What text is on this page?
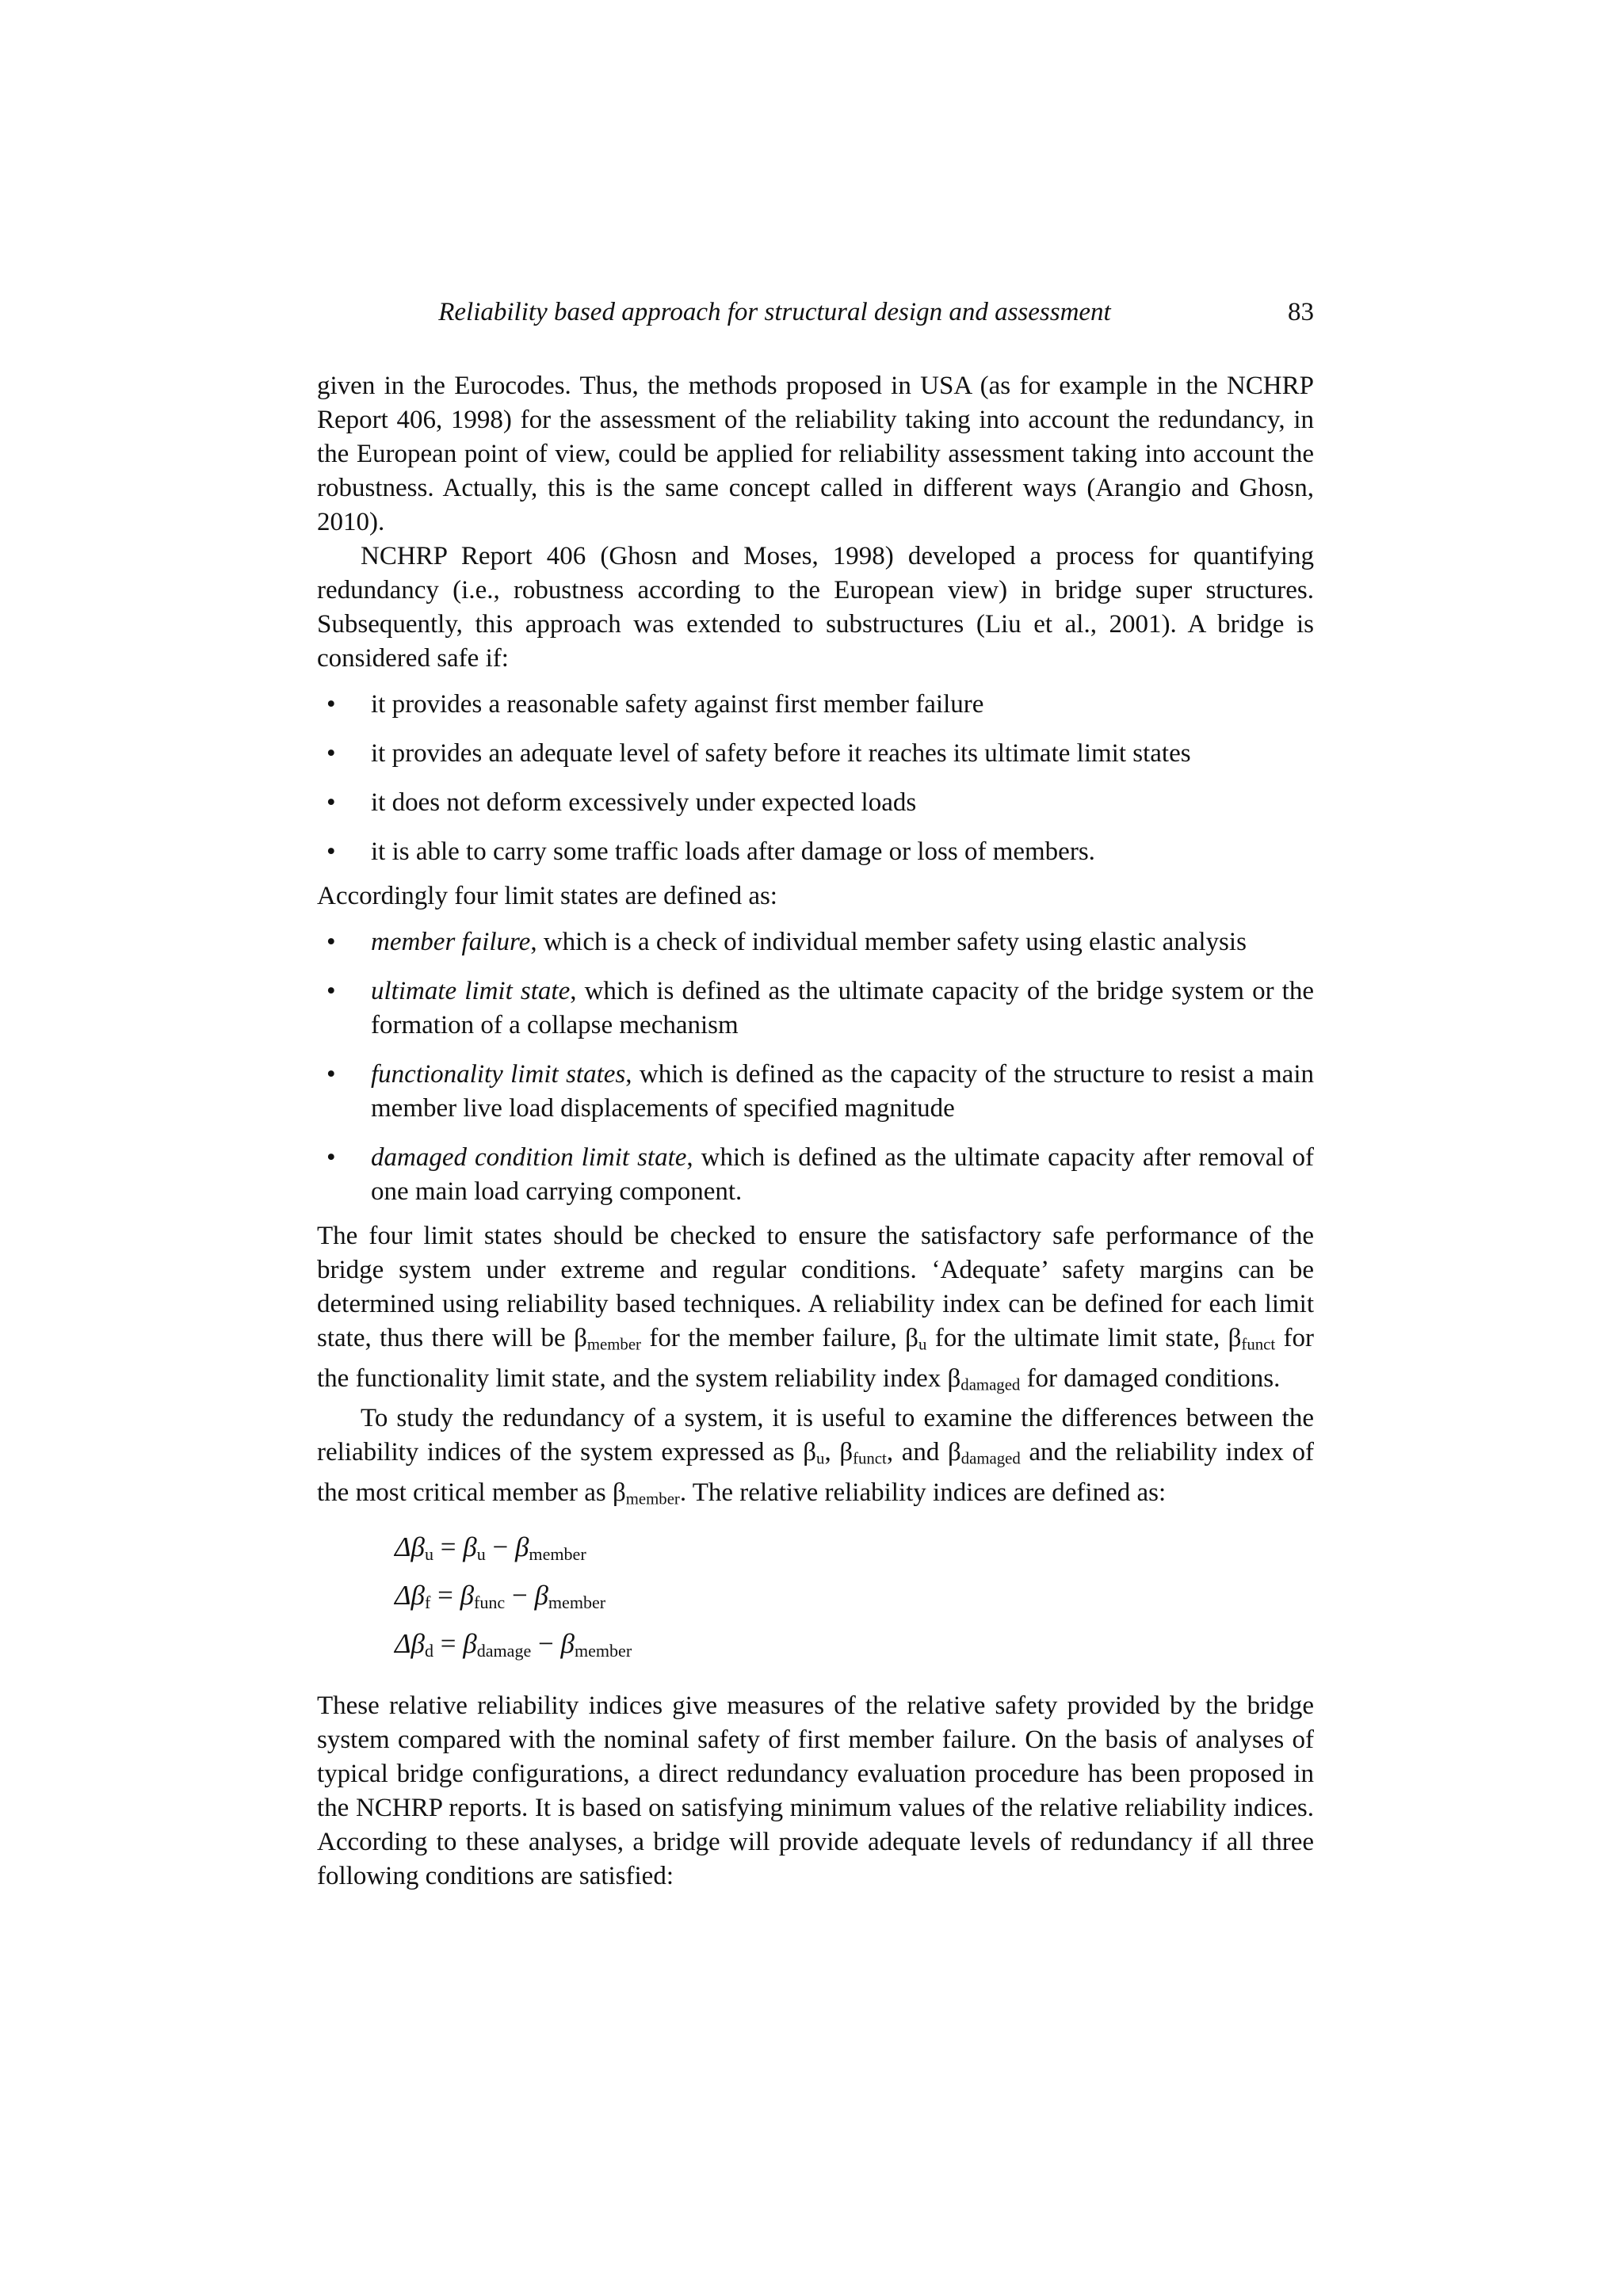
Reliability based approach for structural design and assessment	83
given in the Eurocodes. Thus, the methods proposed in USA (as for example in the NCHRP Report 406, 1998) for the assessment of the reliability taking into account the redundancy, in the European point of view, could be applied for reliability assessment taking into account the robustness. Actually, this is the same concept called in different ways (Arangio and Ghosn, 2010).
NCHRP Report 406 (Ghosn and Moses, 1998) developed a process for quantifying redundancy (i.e., robustness according to the European view) in bridge super structures. Subsequently, this approach was extended to substructures (Liu et al., 2001). A bridge is considered safe if:
•	it provides a reasonable safety against first member failure
•	it provides an adequate level of safety before it reaches its ultimate limit states
•	it does not deform excessively under expected loads
•	it is able to carry some traffic loads after damage or loss of members.
Accordingly four limit states are defined as:
•	member failure, which is a check of individual member safety using elastic analysis
•	ultimate limit state, which is defined as the ultimate capacity of the bridge system or the formation of a collapse mechanism
•	functionality limit states, which is defined as the capacity of the structure to resist a main member live load displacements of specified magnitude
•	damaged condition limit state, which is defined as the ultimate capacity after removal of one main load carrying component.
The four limit states should be checked to ensure the satisfactory safe performance of the bridge system under extreme and regular conditions. ‘Adequate’ safety margins can be determined using reliability based techniques. A reliability index can be defined for each limit state, thus there will be βmember for the member failure, βu for the ultimate limit state, βfunct for the functionality limit state, and the system reliability index βdamaged for damaged conditions.
To study the redundancy of a system, it is useful to examine the differences between the reliability indices of the system expressed as βu, βfunct, and βdamaged and the reliability index of the most critical member as βmember. The relative reliability indices are defined as:
Δβu = βu − βmember
Δβf = βfunc − βmember
Δβd = βdamage − βmember
These relative reliability indices give measures of the relative safety provided by the bridge system compared with the nominal safety of first member failure. On the basis of analyses of typical bridge configurations, a direct redundancy evaluation procedure has been proposed in the NCHRP reports. It is based on satisfying minimum values of the relative reliability indices. According to these analyses, a bridge will provide adequate levels of redundancy if all three following conditions are satisfied:
